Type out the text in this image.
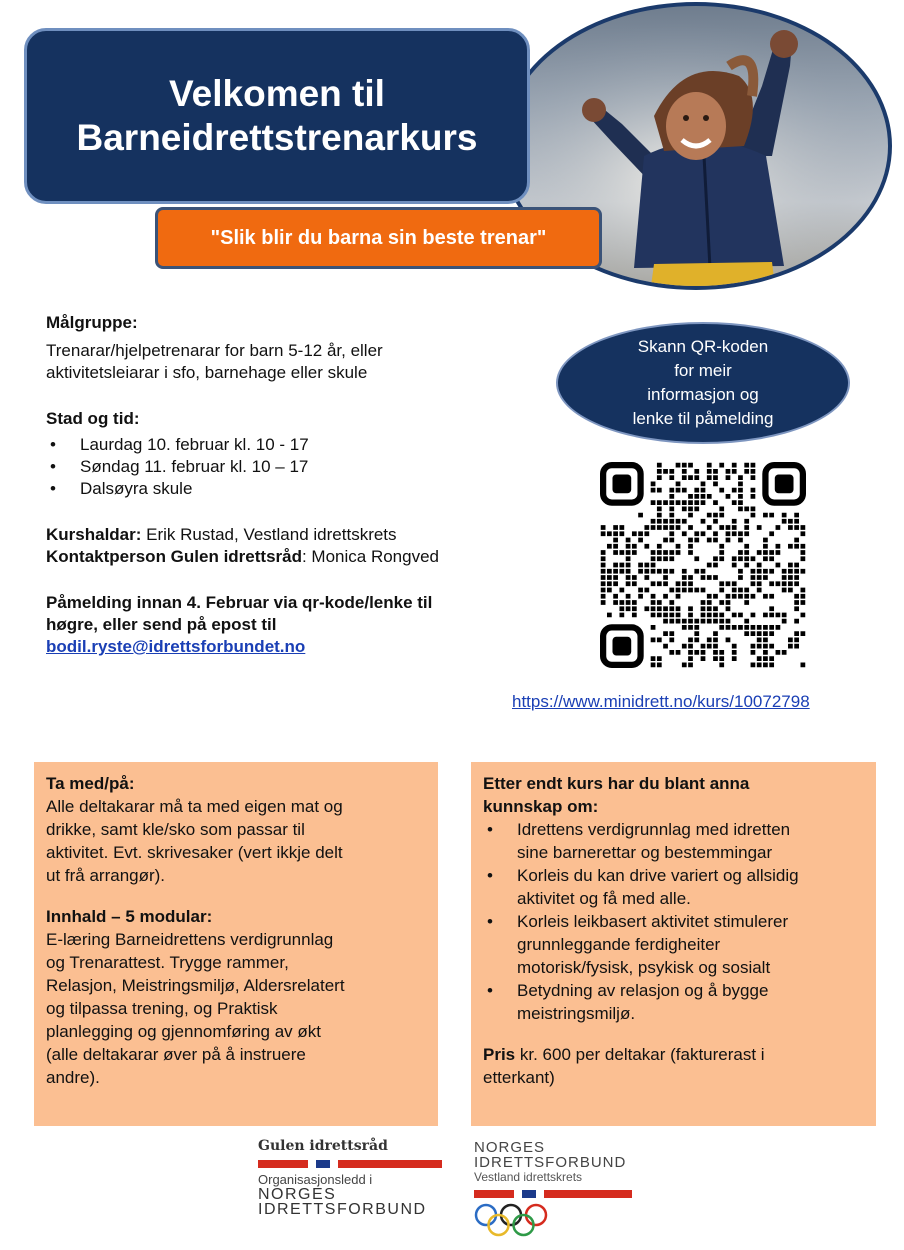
Velkomen til
Barneidrettstrenarkurs
"Slik blir du barna sin beste trenar"
Målgruppe:
Trenarar/hjelpetrenarar for barn 5-12 år, eller
aktivitetsleiarar i sfo, barnehage eller skule
Stad og tid:
• Laurdag 10. februar kl. 10 - 17
• Søndag 11. februar kl. 10 – 17
• Dalsøyra skule
Kurshaldar: Erik Rustad, Vestland idrettskrets
Kontaktperson Gulen idrettsråd: Monica Rongved
Påmelding innan 4. Februar via qr-kode/lenke til
høgre, eller send på epost til
bodil.ryste@idrettsforbundet.no
Skann QR-koden
for meir
informasjon og
lenke til påmelding
https://www.minidrett.no/kurs/10072798
Ta med/på:
Alle deltakarar må ta med eigen mat og
drikke, samt kle/sko som passar til
aktivitet. Evt. skrivesaker (vert ikkje delt
ut frå arrangør).
Innhald – 5 modular:
E-læring Barneidrettens verdigrunnlag
og Trenarattest. Trygge rammer,
Relasjon, Meistringsmiljø, Aldersrelatert
og tilpassa trening, og Praktisk
planlegging og gjennomføring av økt
(alle deltakarar øver på å instruere
andre).
Etter endt kurs har du blant anna
kunnskap om:
• Idrettens verdigrunnlag med idretten
sine barnerettar og bestemmingar
• Korleis du kan drive variert og allsidig
aktivitet og få med alle.
• Korleis leikbasert aktivitet stimulerer
grunnleggande ferdigheiter
motorisk/fysisk, psykisk og sosialt
• Betydning av relasjon og å bygge
meistringsmiljø.
Pris kr. 600 per deltakar (fakturerast i
etterkant)
Gulen idrettsråd
Organisasjonsledd i
NORGES
IDRETTSFORBUND
NORGES
IDRETTSFORBUND
Vestland idrettskrets
